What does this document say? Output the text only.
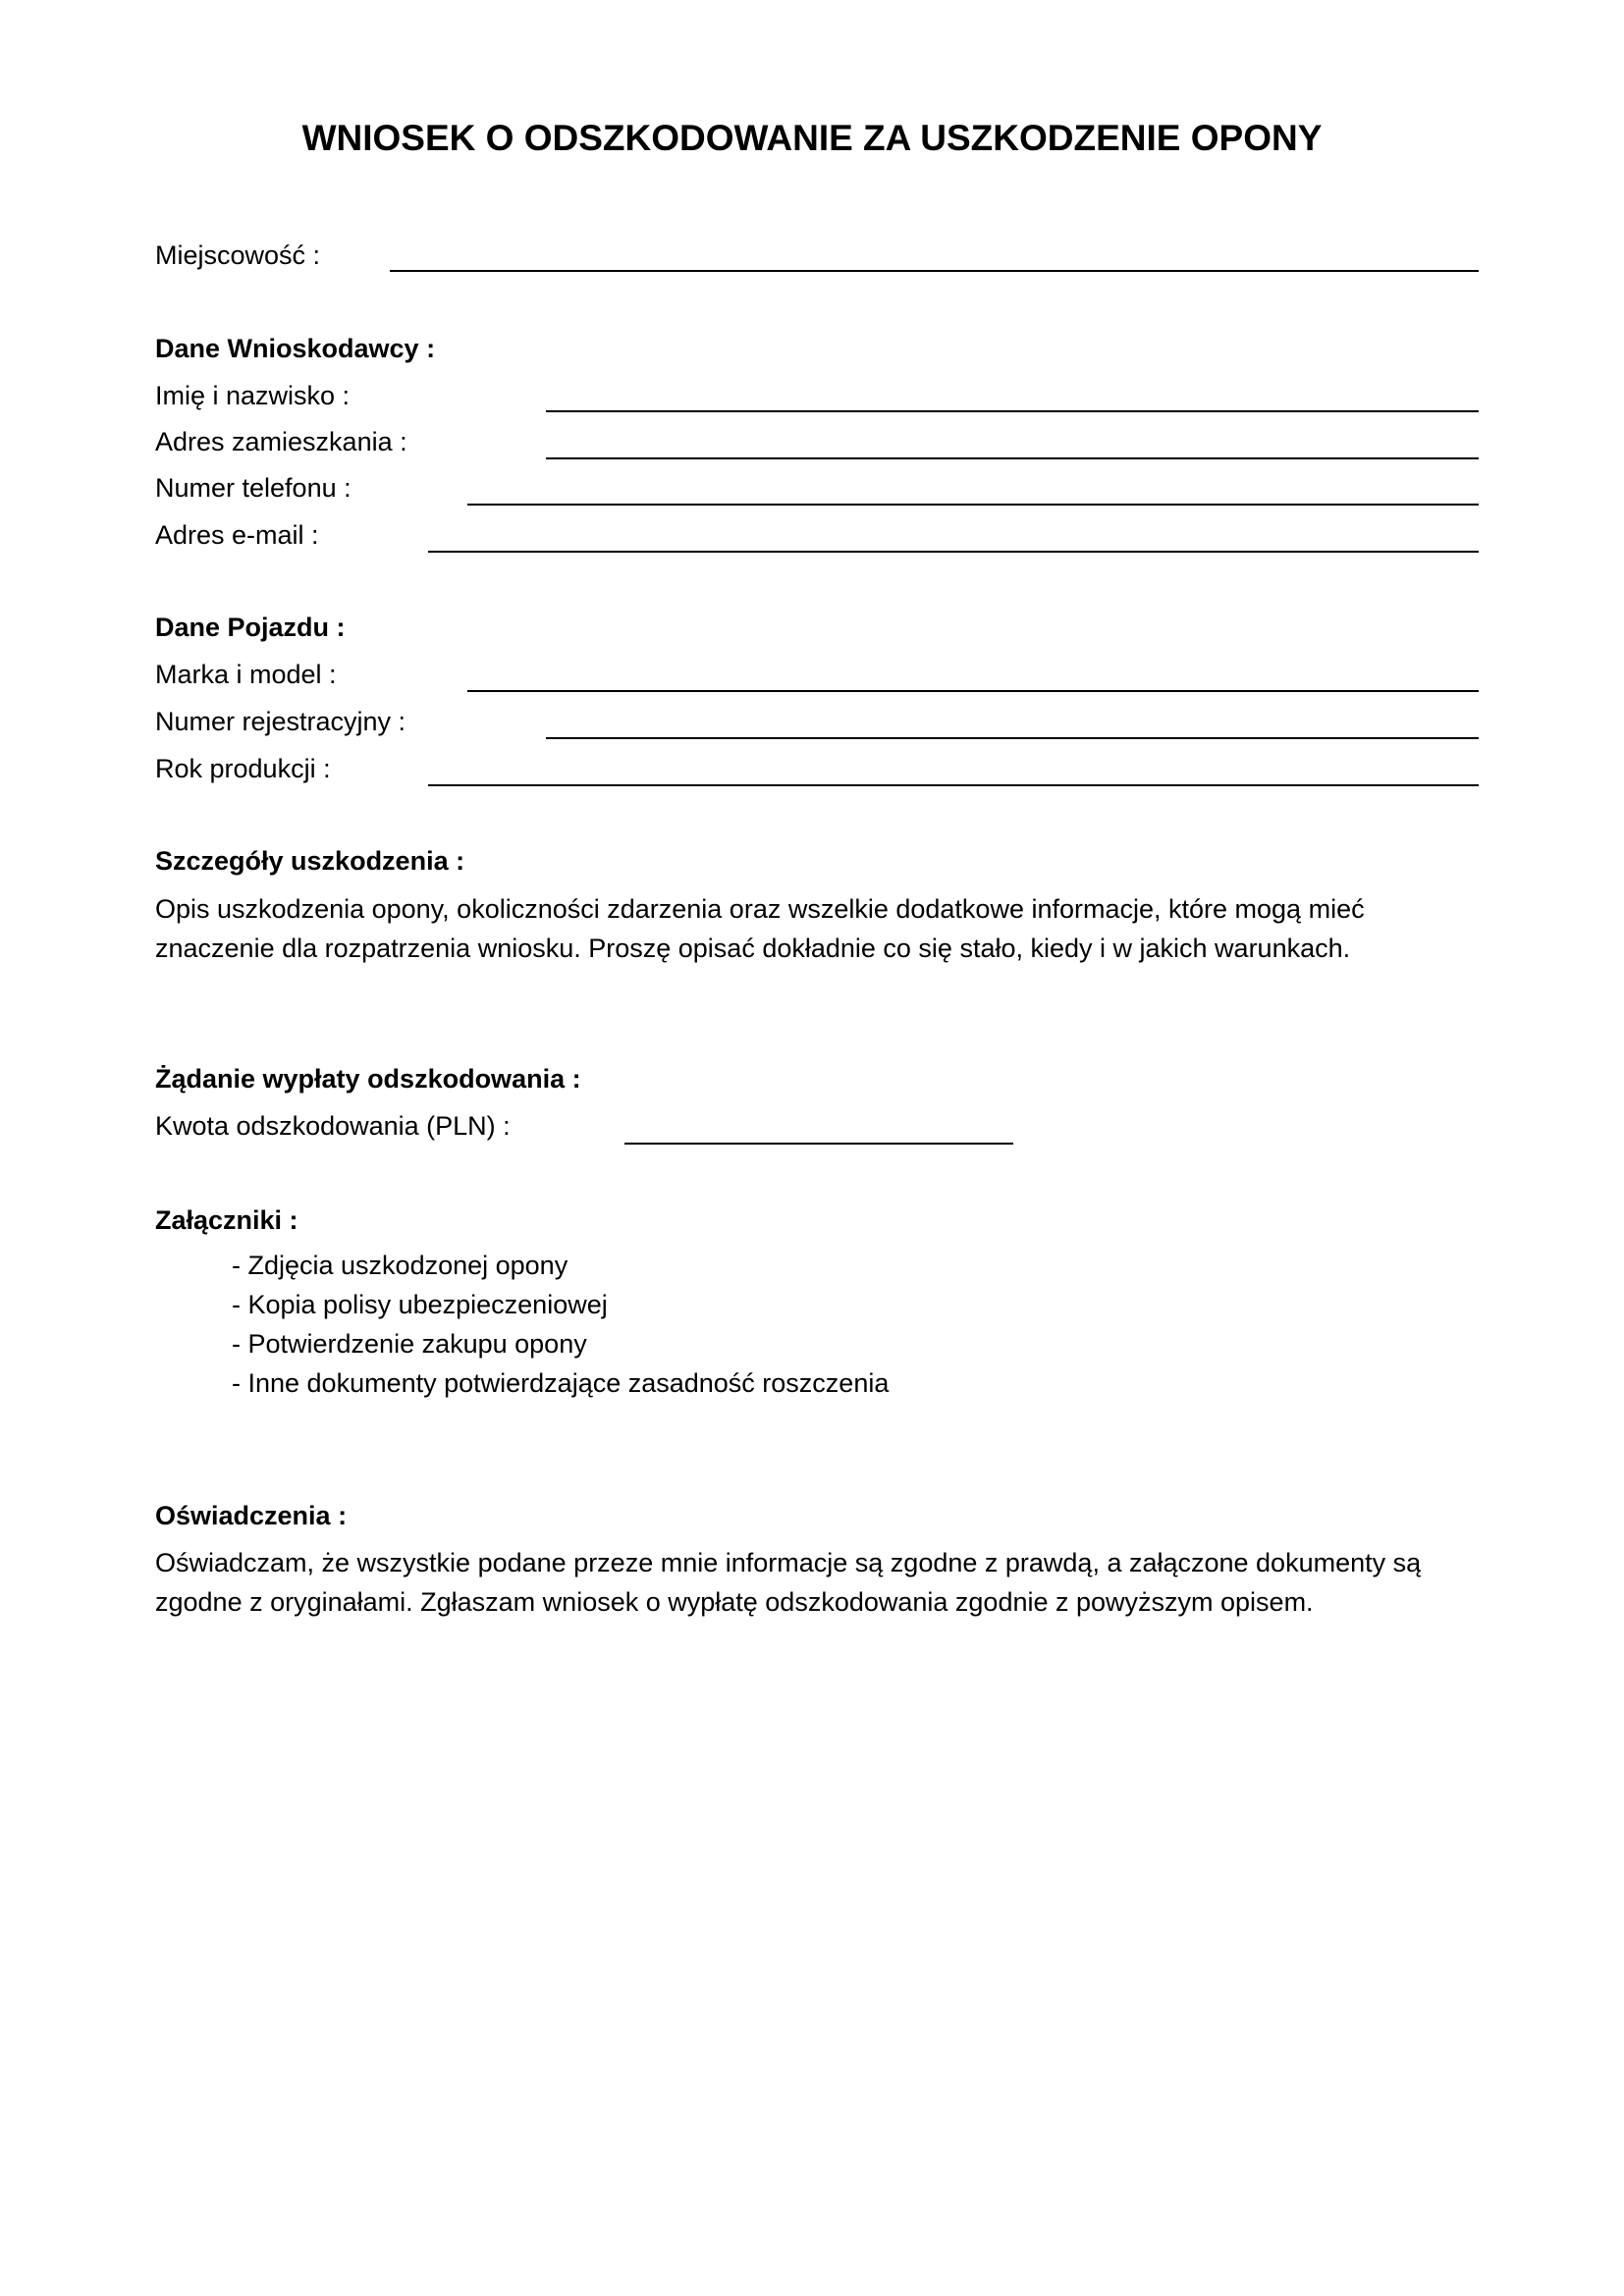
WNIOSEK O ODSZKODOWANIE ZA USZKODZENIE OPONY
Miejscowość :
Dane Wnioskodawcy :
Imię i nazwisko :
Adres zamieszkania :
Numer telefonu :
Adres e-mail :
Dane Pojazdu :
Marka i model :
Numer rejestracyjny :
Rok produkcji :
Szczegóły uszkodzenia :
Opis uszkodzenia opony, okoliczności zdarzenia oraz wszelkie dodatkowe informacje, które mogą mieć znaczenie dla rozpatrzenia wniosku. Proszę opisać dokładnie co się stało, kiedy i w jakich warunkach.
Żądanie wypłaty odszkodowania :
Kwota odszkodowania (PLN) :
Załączniki :
- Zdjęcia uszkodzonej opony
- Kopia polisy ubezpieczeniowej
- Potwierdzenie zakupu opony
- Inne dokumenty potwierdzające zasadność roszczenia
Oświadczenia :
Oświadczam, że wszystkie podane przeze mnie informacje są zgodne z prawdą, a załączone dokumenty są zgodne z oryginałami. Zgłaszam wniosek o wypłatę odszkodowania zgodnie z powyższym opisem.
